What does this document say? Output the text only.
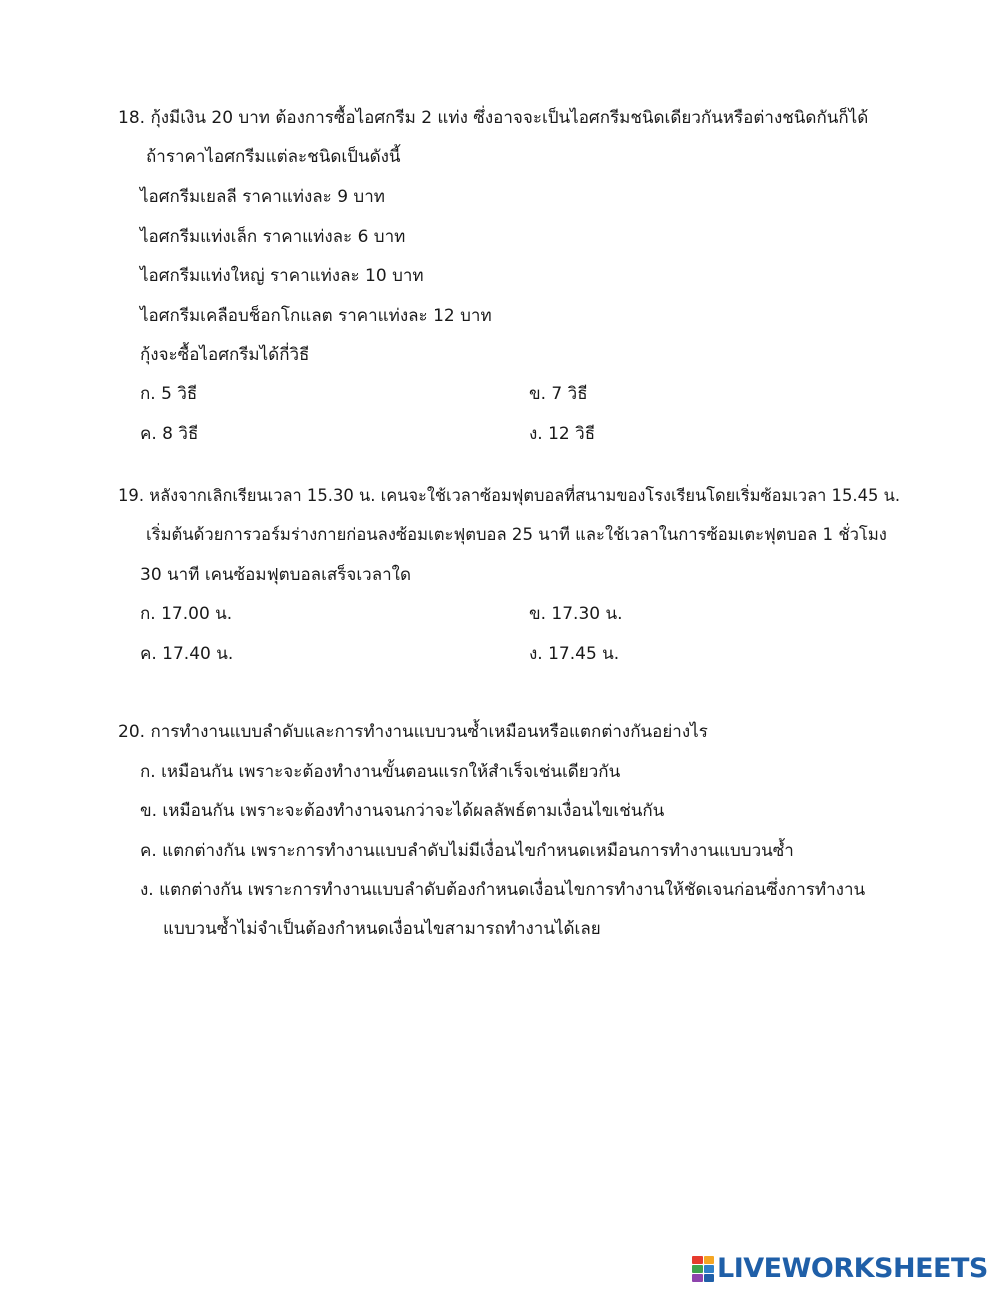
18. กุ้งมีเงิน 20 บาท ต้องการซื้อไอศกรีม 2 แท่ง ซึ่งอาจจะเป็นไอศกรีมชนิดเดียวกันหรือต่างชนิดกันก็ได้
ถ้าราคาไอศกรีมแต่ละชนิดเป็นดังนี้
ไอศกรีมเยลลี ราคาแท่งละ 9 บาท
ไอศกรีมแท่งเล็ก ราคาแท่งละ 6 บาท
ไอศกรีมแท่งใหญ่ ราคาแท่งละ 10 บาท
ไอศกรีมเคลือบช็อกโกแลต ราคาแท่งละ 12 บาท
กุ้งจะซื้อไอศกรีมได้กี่วิธี
ก. 5 วิธี	ข. 7 วิธี
ค. 8 วิธี	ง. 12 วิธี
19. หลังจากเลิกเรียนเวลา 15.30 น. เคนจะใช้เวลาซ้อมฟุตบอลที่สนามของโรงเรียนโดยเริ่มซ้อมเวลา 15.45 น.
เริ่มต้นด้วยการวอร์มร่างกายก่อนลงซ้อมเตะฟุตบอล 25 นาที และใช้เวลาในการซ้อมเตะฟุตบอล 1 ชั่วโมง
30 นาที เคนซ้อมฟุตบอลเสร็จเวลาใด
ก. 17.00 น.	ข. 17.30 น.
ค. 17.40 น.	ง. 17.45 น.
20. การทำงานแบบลำดับและการทำงานแบบวนซ้ำเหมือนหรือแตกต่างกันอย่างไร
ก. เหมือนกัน เพราะจะต้องทำงานขั้นตอนแรกให้สำเร็จเช่นเดียวกัน
ข. เหมือนกัน เพราะจะต้องทำงานจนกว่าจะได้ผลลัพธ์ตามเงื่อนไขเช่นกัน
ค. แตกต่างกัน เพราะการทำงานแบบลำดับไม่มีเงื่อนไขกำหนดเหมือนการทำงานแบบวนซ้ำ
ง. แตกต่างกัน เพราะการทำงานแบบลำดับต้องกำหนดเงื่อนไขการทำงานให้ชัดเจนก่อนซึ่งการทำงาน
แบบวนซ้ำไม่จำเป็นต้องกำหนดเงื่อนไขสามารถทำงานได้เลย
LIVEWORKSHEETS
